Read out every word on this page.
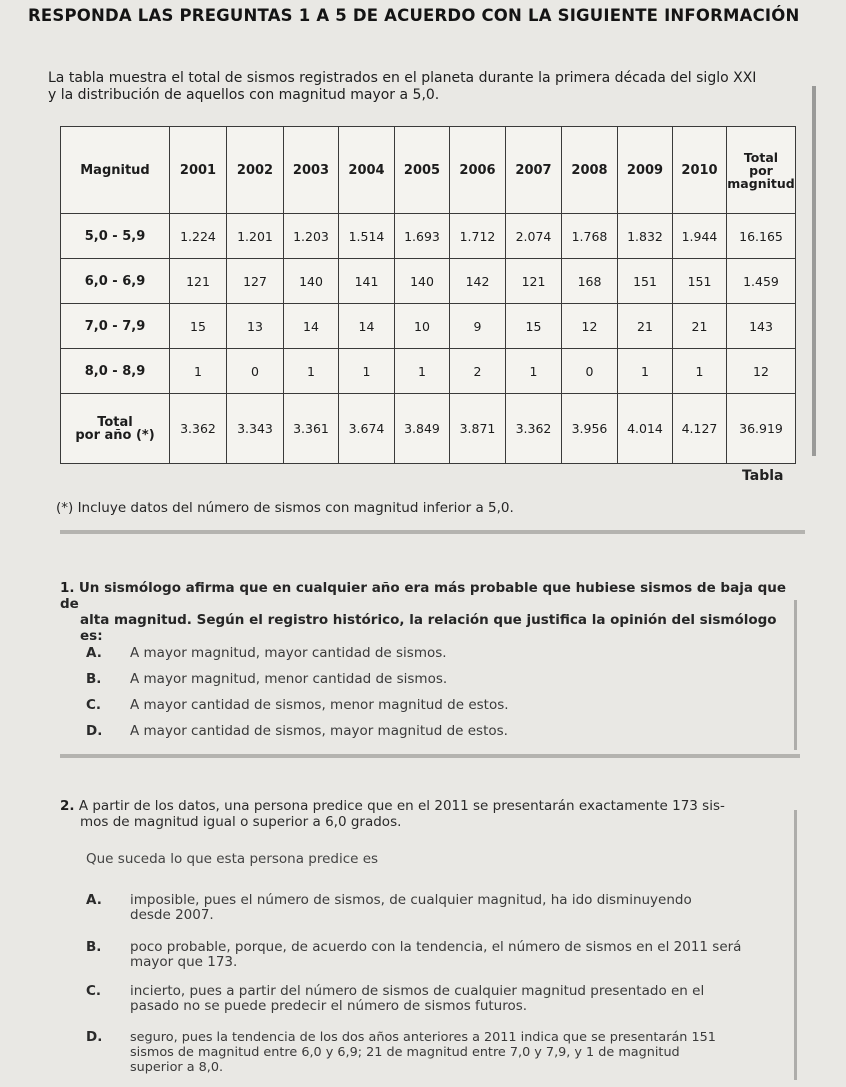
RESPONDA LAS PREGUNTAS 1 A 5 DE ACUERDO CON LA SIGUIENTE INFORMACIÓN
La tabla muestra el total de sismos registrados en el planeta durante la primera década del siglo XXI
y la distribución de aquellos con magnitud mayor a 5,0.
Magnitud	2001	2002	2003	2004	2005	2006	2007	2008	2009	2010	Total
por
magnitud

5,0 - 5,9	1.224	1.201	1.203	1.514	1.693	1.712	2.074	1.768	1.832	1.944	16.165
6,0 - 6,9	121	127	140	141	140	142	121	168	151	151	1.459
7,0 - 7,9	15	13	14	14	10	9	15	12	21	21	143
8,0 - 8,9	1	0	1	1	1	2	1	0	1	1	12

Total
por año (*)	3.362	3.343	3.361	3.674	3.849	3.871	3.362	3.956	4.014	4.127	36.919
Tabla
(*) Incluye datos del número de sismos con magnitud inferior a 5,0.
1. Un sismólogo afirma que en cualquier año era más probable que hubiese sismos de baja que de
alta magnitud. Según el registro histórico, la relación que justifica la opinión del sismólogo es:
A. A mayor magnitud, mayor cantidad de sismos.
B. A mayor magnitud, menor cantidad de sismos.
C. A mayor cantidad de sismos, menor magnitud de estos.
D. A mayor cantidad de sismos, mayor magnitud de estos.
2. A partir de los datos, una persona predice que en el 2011 se presentarán exactamente 173 sis-
mos de magnitud igual o superior a 6,0 grados.
Que suceda lo que esta persona predice es
A. imposible, pues el número de sismos, de cualquier magnitud, ha ido disminuyendo
desde 2007.
B. poco probable, porque, de acuerdo con la tendencia, el número de sismos en el 2011 será
mayor que 173.
C. incierto, pues a partir del número de sismos de cualquier magnitud presentado en el
pasado no se puede predecir el número de sismos futuros.
D. seguro, pues la tendencia de los dos años anteriores a 2011 indica que se presentarán 151
sismos de magnitud entre 6,0 y 6,9; 21 de magnitud entre 7,0 y 7,9, y 1 de magnitud
superior a 8,0.
